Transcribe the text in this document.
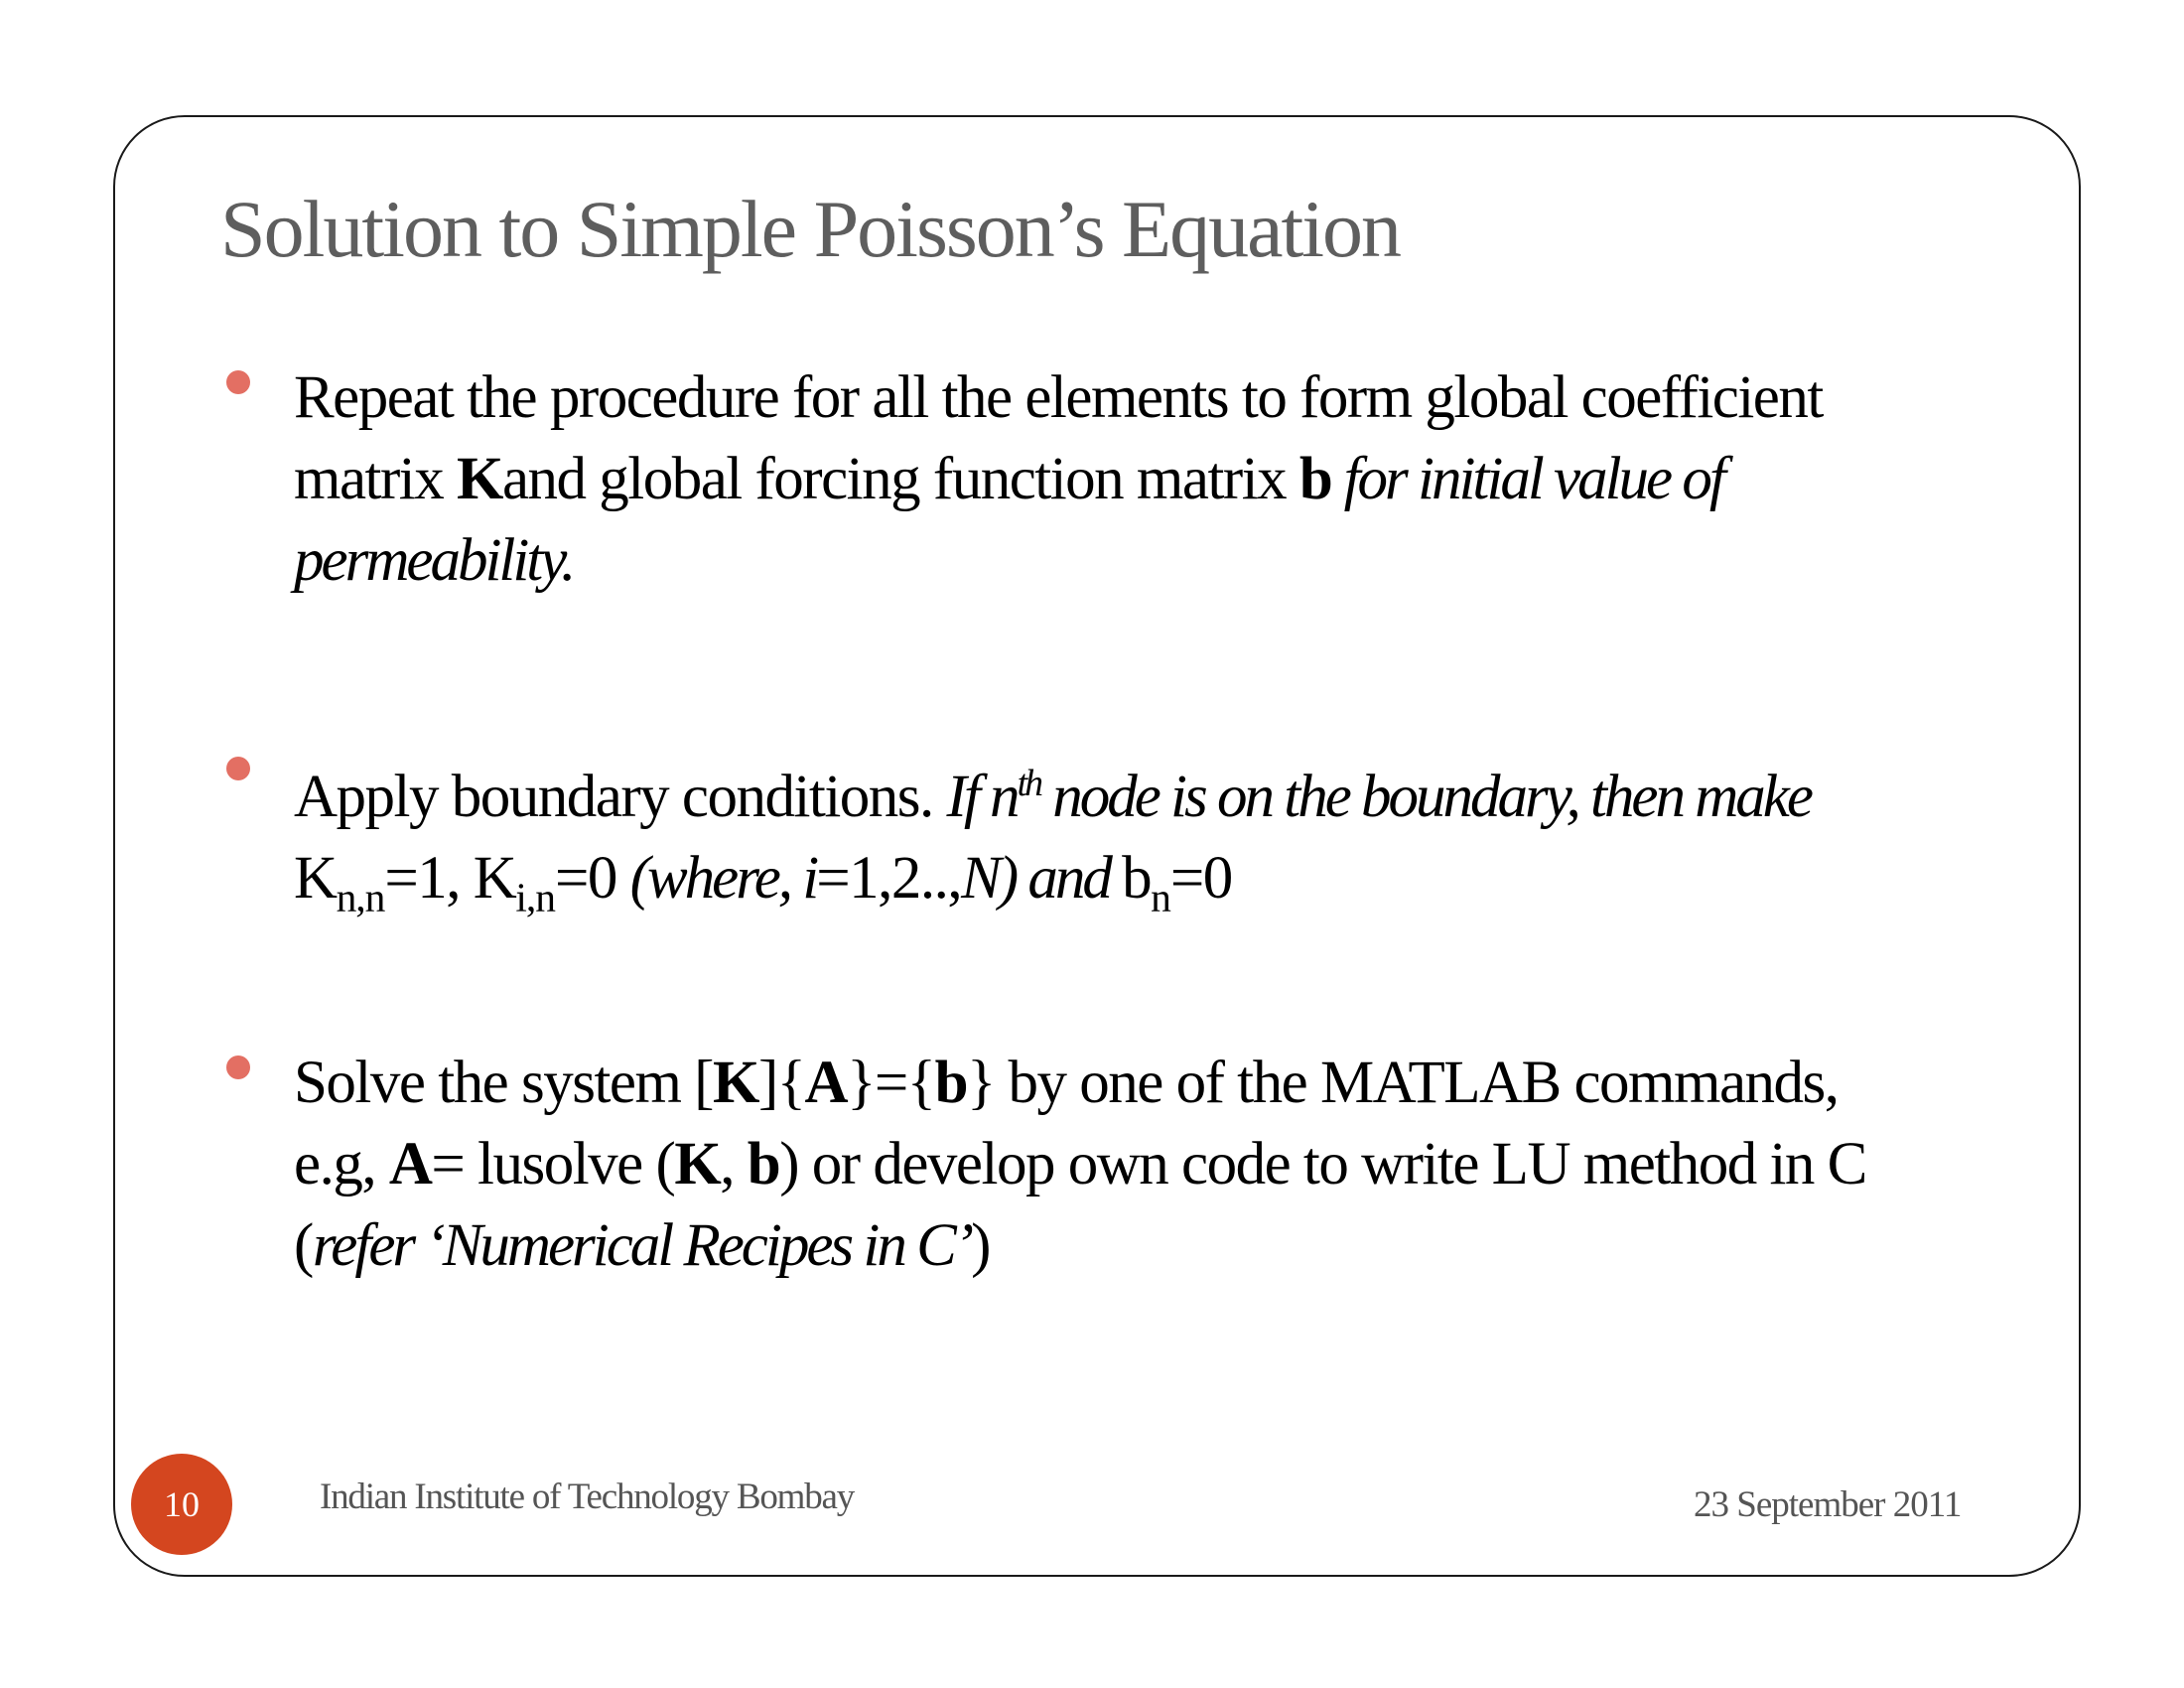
Solution to Simple Poisson’s Equation
Repeat the procedure for all the elements to form global coefficient
matrix Kand global forcing function matrix b for initial value of
permeability.
Apply boundary conditions. If $n^{th}$ node is on the boundary, then make
$K_{n,n}=1$, $K_{i,n}=0$ (where, i=1,2..,N) and $b_n=0$
Solve the system [K]{A}={b} by one of the MATLAB commands,
e.g, A= lusolve (K, b) or develop own code to write LU method in C
(refer ‘Numerical Recipes in C’)
10	Indian Institute of Technology Bombay	23 September 2011
